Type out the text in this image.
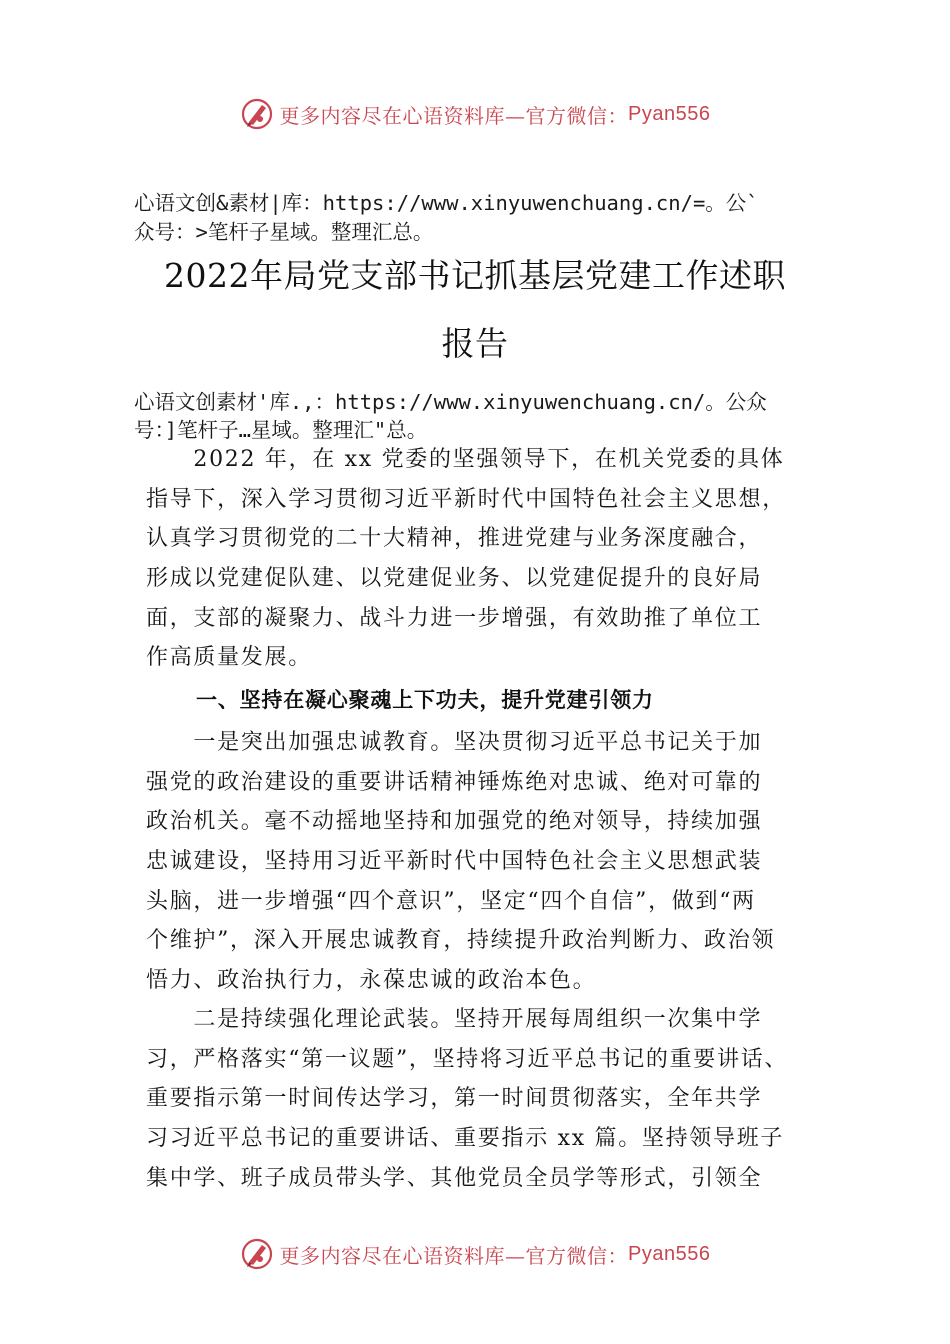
更多内容尽在心语资料库—官方微信： Pyan556
心语文创&素材|库：https://www.xinyuwenchuang.cn/=。公`
众号：>笔杆子星域。整理汇总。
2022年局党支部书记抓基层党建工作述职
报告
心语文创素材'库.,：https://www.xinyuwenchuang.cn/。公众
号：]笔杆子…星域。整理汇"总。
　　2022 年，在 xx 党委的坚强领导下，在机关党委的具体
指导下，深入学习贯彻习近平新时代中国特色社会主义思想，
认真学习贯彻党的二十大精神，推进党建与业务深度融合，
形成以党建促队建、以党建促业务、以党建促提升的良好局
面，支部的凝聚力、战斗力进一步增强，有效助推了单位工
作高质量发展。
一、坚持在凝心聚魂上下功夫，提升党建引领力
　　一是突出加强忠诚教育。坚决贯彻习近平总书记关于加
强党的政治建设的重要讲话精神锤炼绝对忠诚、绝对可靠的
政治机关。毫不动摇地坚持和加强党的绝对领导，持续加强
忠诚建设，坚持用习近平新时代中国特色社会主义思想武装
头脑，进一步增强“四个意识”，坚定“四个自信”，做到“两
个维护”，深入开展忠诚教育，持续提升政治判断力、政治领
悟力、政治执行力，永葆忠诚的政治本色。
　　二是持续强化理论武装。坚持开展每周组织一次集中学
习，严格落实“第一议题”，坚持将习近平总书记的重要讲话、
重要指示第一时间传达学习，第一时间贯彻落实，全年共学
习习近平总书记的重要讲话、重要指示 xx 篇。坚持领导班子
集中学、班子成员带头学、其他党员全员学等形式，引领全
更多内容尽在心语资料库—官方微信： Pyan556
